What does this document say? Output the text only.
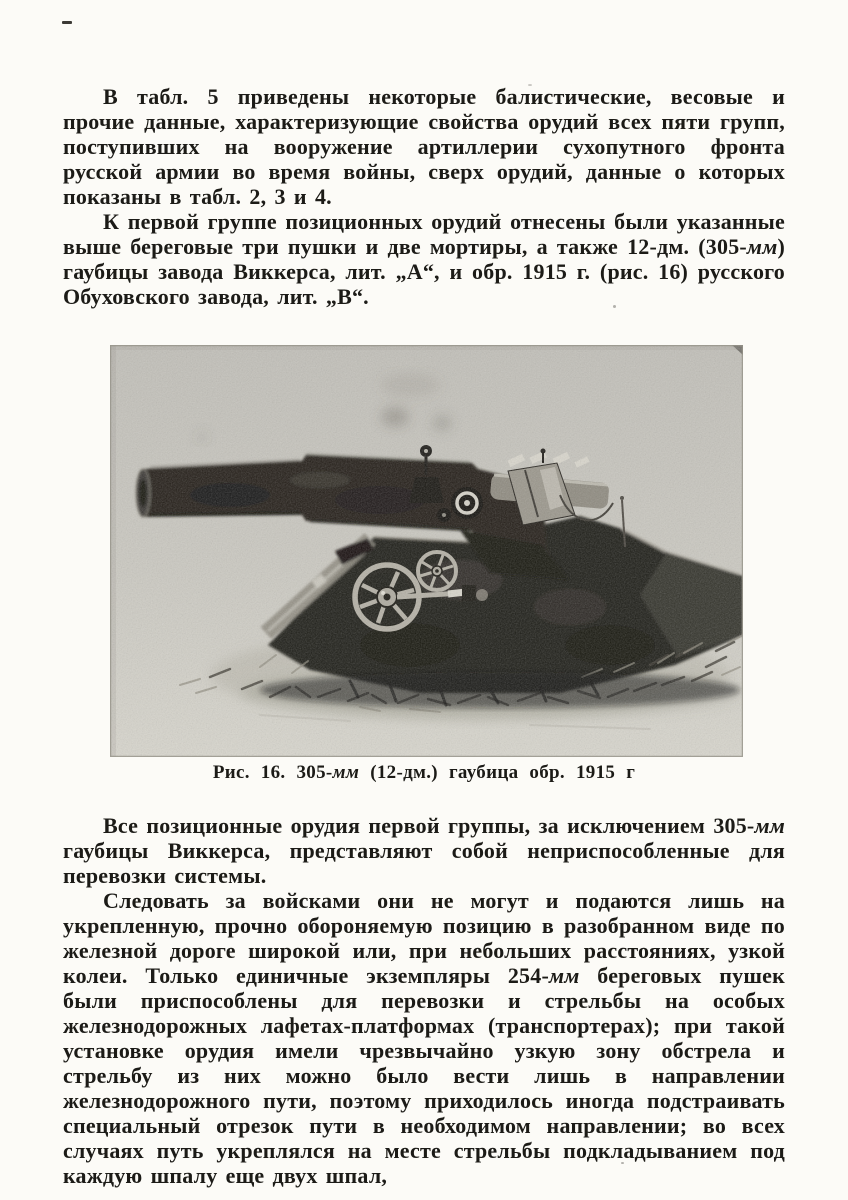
В табл. 5 приведены некоторые балистические, весовые и прочие данные, характеризующие свойства орудий всех пяти групп, поступивших на вооружение артиллерии сухопутного фронта русской армии во время войны, сверх орудий, данные о которых показаны в табл. 2, 3 и 4.

К первой группе позиционных орудий отнесены были указанные выше береговые три пушки и две мортиры, а также 12-дм. (305-мм) гаубицы завода Виккерса, лит. „А“, и обр. 1915 г. (рис. 16) русского Обуховского завода, лит. „В“.

Рис. 16. 305-мм (12-дм.) гаубица обр. 1915 г

Все позиционные орудия первой группы, за исключением 305-мм гаубицы Виккерса, представляют собой неприспособленные для перевозки системы.

Следовать за войсками они не могут и подаются лишь на укрепленную, прочно обороняемую позицию в разобранном виде по железной дороге широкой или, при небольших расстояниях, узкой колеи. Только единичные экземпляры 254-мм береговых пушек были приспособлены для перевозки и стрельбы на особых железнодорожных лафетах-платформах (транспортерах); при такой установке орудия имели чрезвычайно узкую зону обстрела и стрельбу из них можно было вести лишь в направлении железнодорожного пути, поэтому приходилось иногда подстраивать специальный отрезок пути в необходимом направлении; во всех случаях путь укреплялся на месте стрельбы подкладыванием под каждую шпалу еще двух шпал,
